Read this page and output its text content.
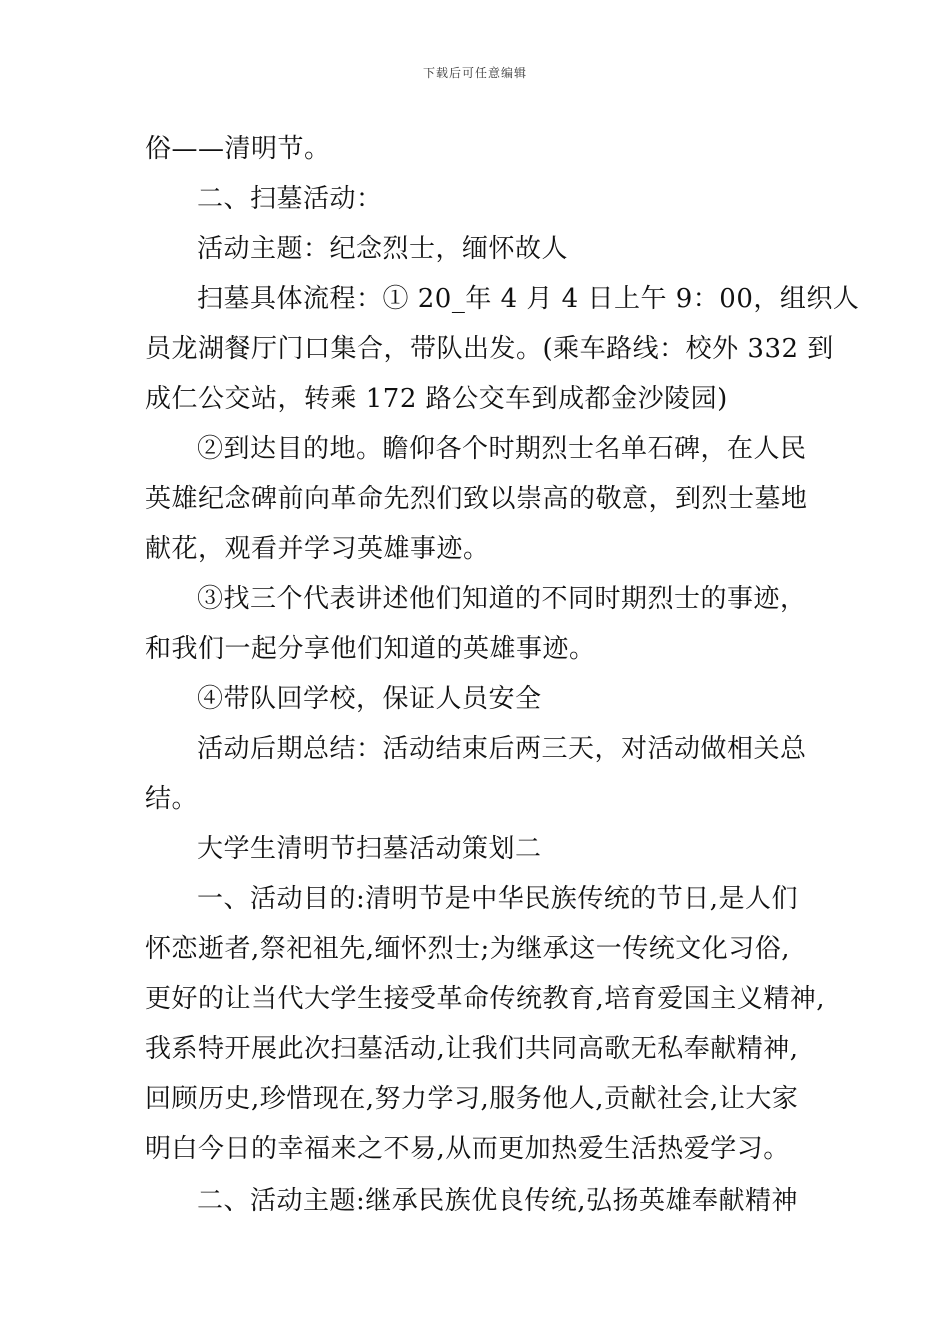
下载后可任意编辑
俗——清明节。
二、扫墓活动：
活动主题：纪念烈士，缅怀故人
扫墓具体流程：① 20_年 4 月 4 日上午 9：00，组织人
员龙湖餐厅门口集合，带队出发。(乘车路线：校外 332 到
成仁公交站，转乘 172 路公交车到成都金沙陵园)
②到达目的地。瞻仰各个时期烈士名单石碑，在人民
英雄纪念碑前向革命先烈们致以崇高的敬意，到烈士墓地
献花，观看并学习英雄事迹。
③找三个代表讲述他们知道的不同时期烈士的事迹，
和我们一起分享他们知道的英雄事迹。
④带队回学校，保证人员安全
活动后期总结：活动结束后两三天，对活动做相关总
结。
大学生清明节扫墓活动策划二
一、活动目的:清明节是中华民族传统的节日,是人们
怀恋逝者,祭祀祖先,缅怀烈士;为继承这一传统文化习俗,
更好的让当代大学生接受革命传统教育,培育爱国主义精神,
我系特开展此次扫墓活动,让我们共同高歌无私奉献精神,
回顾历史,珍惜现在,努力学习,服务他人,贡献社会,让大家
明白今日的幸福来之不易,从而更加热爱生活热爱学习。
二、活动主题:继承民族优良传统,弘扬英雄奉献精神
